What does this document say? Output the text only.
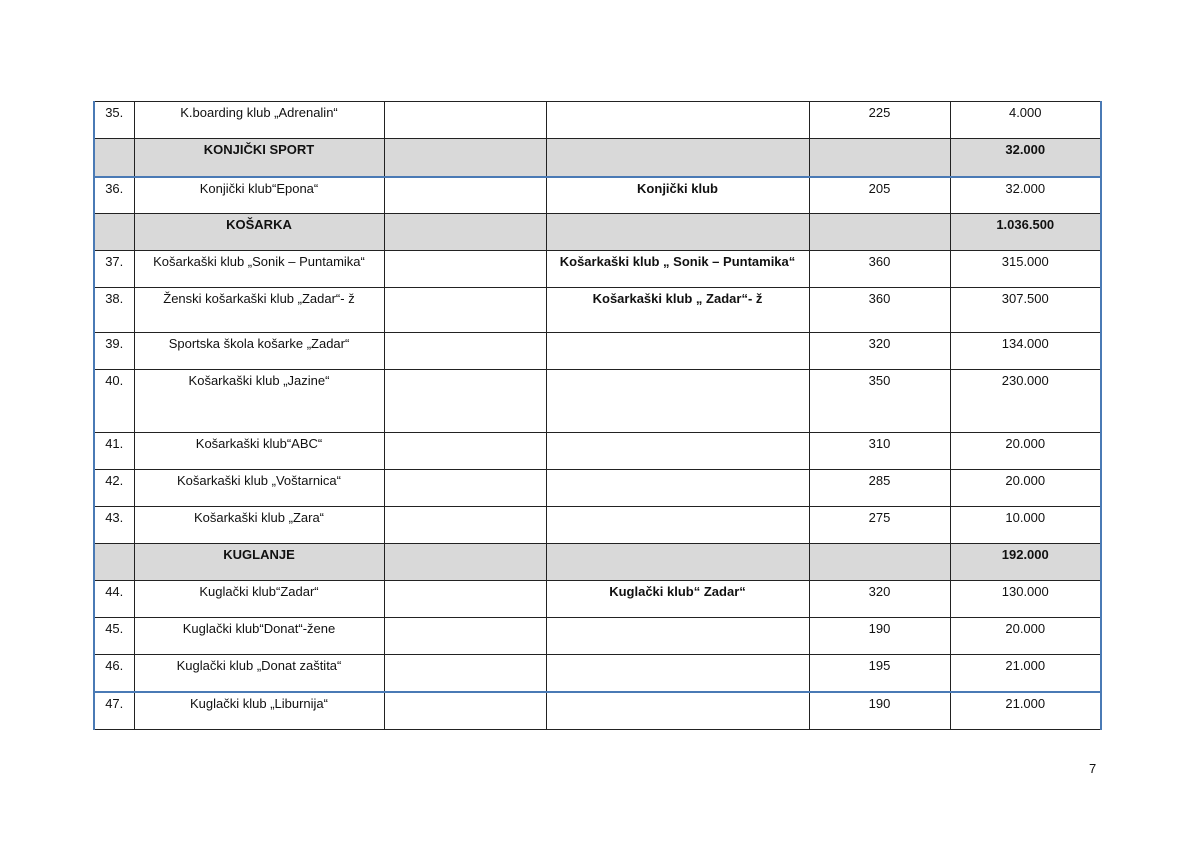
35.	K.boarding klub „Adrenalin“			225	4.000
	KONJIČKI SPORT				32.000
36.	Konjički klub“Epona“		Konjički klub	205	32.000
	KOŠARKA				1.036.500
37.	Košarkaški klub „Sonik – Puntamika“		Košarkaški klub „ Sonik – Puntamika“	360	315.000
38.	Ženski košarkaški klub „Zadar“- ž		Košarkaški klub „ Zadar“- ž	360	307.500
39.	Sportska škola košarke „Zadar“			320	134.000
40.	Košarkaški klub „Jazine“			350	230.000
41.	Košarkaški klub“ABC“			310	20.000
42.	Košarkaški klub „Voštarnica“			285	20.000
43.	Košarkaški klub „Zara“			275	10.000
	KUGLANJE				192.000
44.	Kuglački klub“Zadar“		Kuglački klub“ Zadar“	320	130.000
45.	Kuglački klub“Donat“-žene			190	20.000
46.	Kuglački klub „Donat zaštita“			195	21.000
47.	Kuglački klub „Liburnija“			190	21.000
7
